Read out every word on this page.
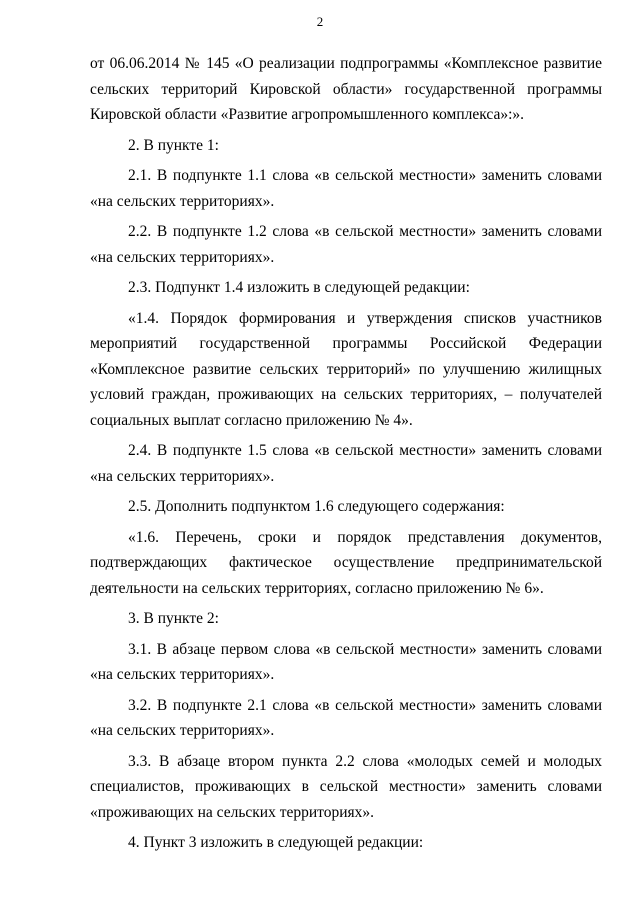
2

от 06.06.2014 № 145 «О реализации подпрограммы «Комплексное развитие сельских территорий Кировской области» государственной программы Кировской области «Развитие агропромышленного комплекса»:».

2. В пункте 1:

2.1. В подпункте 1.1 слова «в сельской местности» заменить словами «на сельских территориях».

2.2. В подпункте 1.2 слова «в сельской местности» заменить словами «на сельских территориях».

2.3. Подпункт 1.4 изложить в следующей редакции:

«1.4. Порядок формирования и утверждения списков участников мероприятий государственной программы Российской Федерации «Комплексное развитие сельских территорий» по улучшению жилищных условий граждан, проживающих на сельских территориях, – получателей социальных выплат согласно приложению № 4».

2.4. В подпункте 1.5 слова «в сельской местности» заменить словами «на сельских территориях».

2.5. Дополнить подпунктом 1.6 следующего содержания:

«1.6. Перечень, сроки и порядок представления документов, подтверждающих фактическое осуществление предпринимательской деятельности на сельских территориях, согласно приложению № 6».

3. В пункте 2:

3.1. В абзаце первом слова «в сельской местности» заменить словами «на сельских территориях».

3.2. В подпункте 2.1 слова «в сельской местности» заменить словами «на сельских территориях».

3.3. В абзаце втором пункта 2.2 слова «молодых семей и молодых специалистов, проживающих в сельской местности» заменить словами «проживающих на сельских территориях».

4. Пункт 3 изложить в следующей редакции:
